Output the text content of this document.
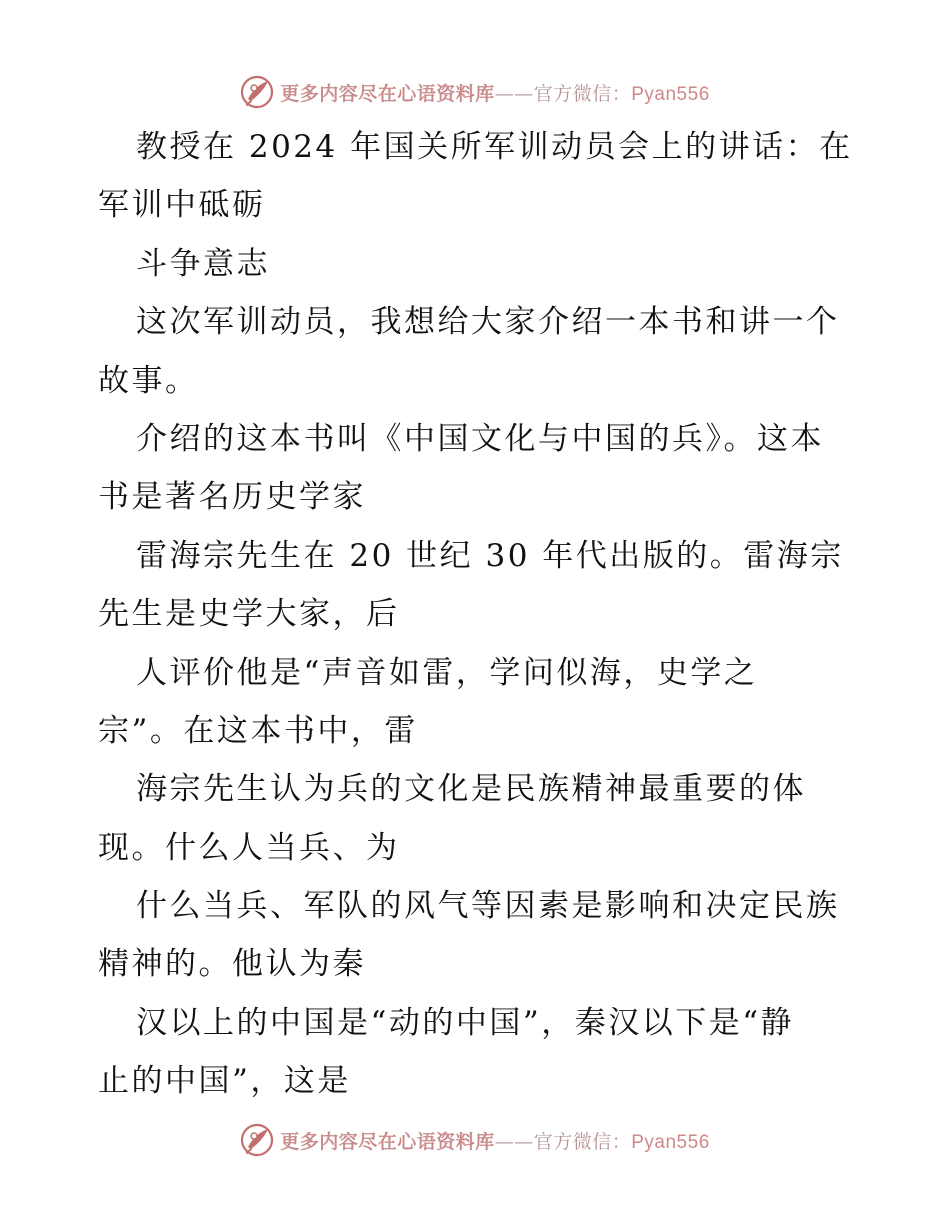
更多内容尽在心语资料库——官方微信：Pyan556
教授在 2024 年国关所军训动员会上的讲话：在
军训中砥砺
斗争意志
这次军训动员，我想给大家介绍一本书和讲一个
故事。
介绍的这本书叫《中国文化与中国的兵》。这本
书是著名历史学家
雷海宗先生在 20 世纪 30 年代出版的。雷海宗
先生是史学大家，后
人评价他是“声音如雷，学问似海，史学之
宗”。在这本书中，雷
海宗先生认为兵的文化是民族精神最重要的体
现。什么人当兵、为
什么当兵、军队的风气等因素是影响和决定民族
精神的。他认为秦
汉以上的中国是“动的中国”，秦汉以下是“静
止的中国”，这是
更多内容尽在心语资料库——官方微信：Pyan556
